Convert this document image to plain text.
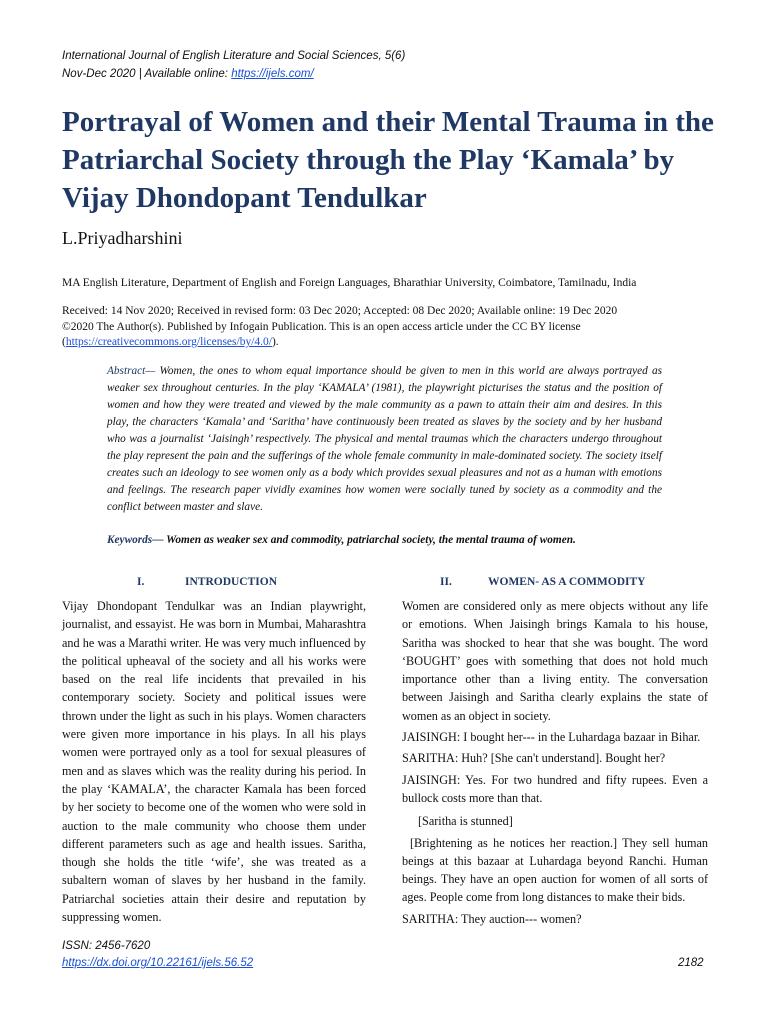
International Journal of English Literature and Social Sciences, 5(6)
Nov-Dec 2020 | Available online: https://ijels.com/
Portrayal of Women and their Mental Trauma in the Patriarchal Society through the Play ‘Kamala’ by Vijay Dhondopant Tendulkar
L.Priyadharshini
MA English Literature, Department of English and Foreign Languages, Bharathiar University, Coimbatore, Tamilnadu, India
Received: 14 Nov 2020; Received in revised form: 03 Dec 2020; Accepted: 08 Dec 2020; Available online: 19 Dec 2020
©2020 The Author(s). Published by Infogain Publication. This is an open access article under the CC BY license
(https://creativecommons.org/licenses/by/4.0/).

Abstract— Women, the ones to whom equal importance should be given to men in this world are always portrayed as weaker sex throughout centuries. In the play ‘KAMALA’ (1981), the playwright picturises the status and the position of women and how they were treated and viewed by the male community as a pawn to attain their aim and desires. In this play, the characters ‘Kamala’ and ‘Saritha’ have continuously been treated as slaves by the society and by her husband who was a journalist ‘Jaisingh’ respectively. The physical and mental traumas which the characters undergo throughout the play represent the pain and the sufferings of the whole female community in male-dominated society. The society itself creates such an ideology to see women only as a body which provides sexual pleasures and not as a human with emotions and feelings. The research paper vividly examines how women were socially tuned by society as a commodity and the conflict between master and slave.

Keywords— Women as weaker sex and commodity, patriarchal society, the mental trauma of women.
I.	INTRODUCTION	II.	WOMEN- AS A COMMODITY

Vijay Dhondopant Tendulkar was an Indian playwright, journalist, and essayist. He was born in Mumbai, Maharashtra and he was a Marathi writer. He was very much influenced by the political upheaval of the society and all his works were based on the real life incidents that prevailed in his contemporary society. Society and political issues were thrown under the light as such in his plays. Women characters were given more importance in his plays. In all his plays women were portrayed only as a tool for sexual pleasures of men and as slaves which was the reality during his period. In the play ‘KAMALA’, the character Kamala has been forced by her society to become one of the women who were sold in auction to the male community who choose them under different parameters such as age and health issues. Saritha, though she holds the title ‘wife’, she was treated as a subaltern woman of slaves by her husband in the family. Patriarchal societies attain their desire and reputation by suppressing women.

Women are considered only as mere objects without any life or emotions. When Jaisingh brings Kamala to his house, Saritha was shocked to hear that she was bought. The word ‘BOUGHT’ goes with something that does not hold much importance other than a living entity. The conversation between Jaisingh and Saritha clearly explains the state of women as an object in society.

JAISINGH: I bought her--- in the Luhardaga bazaar in Bihar.

SARITHA: Huh? [She can't understand]. Bought her?

JAISINGH: Yes. For two hundred and fifty rupees. Even a bullock costs more than that.

[Saritha is stunned]

[Brightening as he notices her reaction.] They sell human beings at this bazaar at Luhardaga beyond Ranchi. Human beings. They have an open auction for women of all sorts of ages. People come from long distances to make their bids.

SARITHA: They auction--- women?

ISSN: 2456-7620
https://dx.doi.org/10.22161/ijels.56.52	2182
